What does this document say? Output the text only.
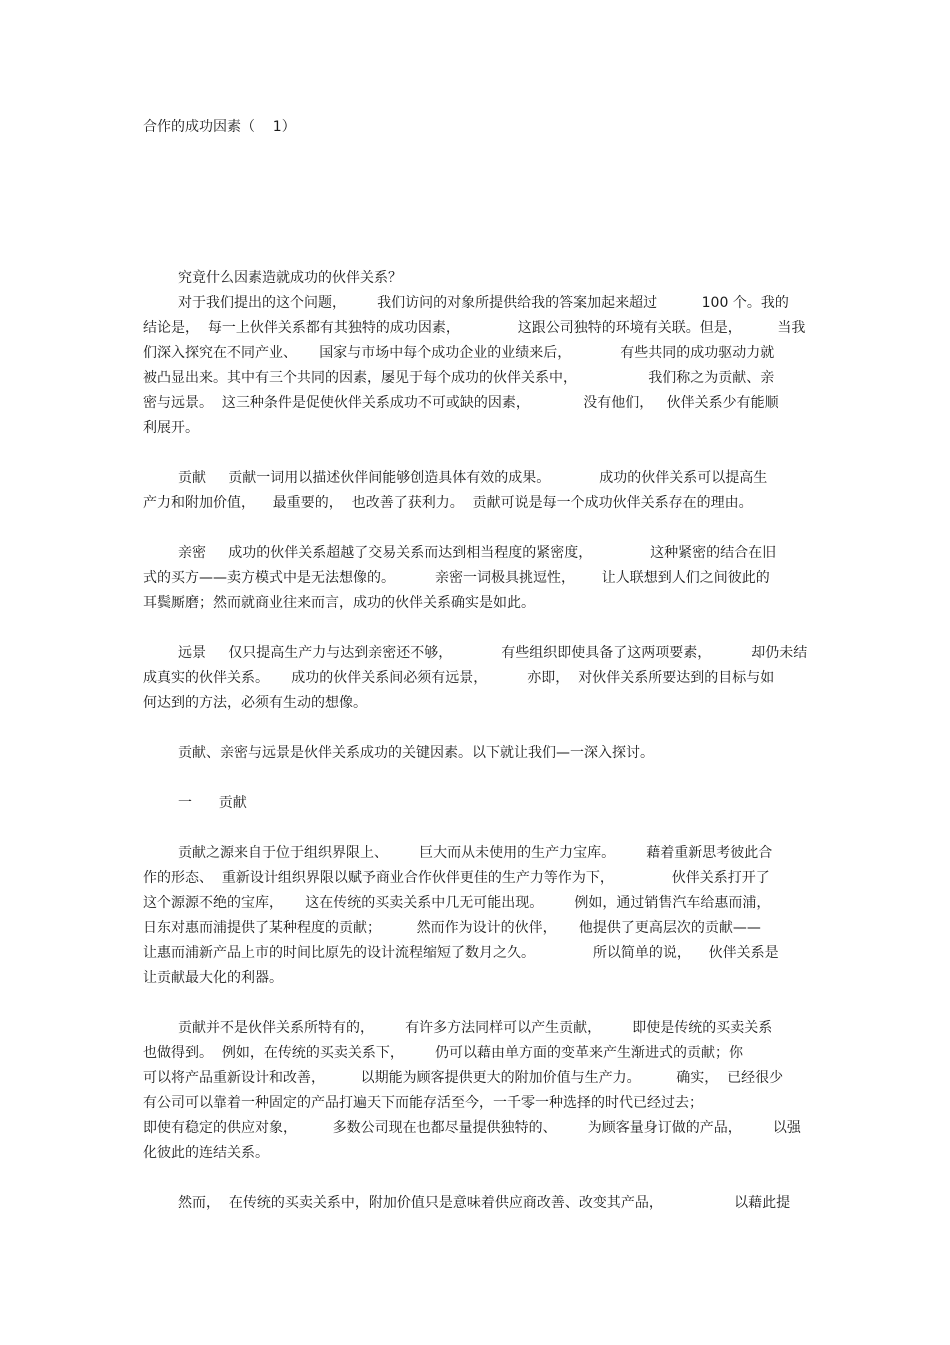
合作的成功因素（    1）
究竟什么因素造就成功的伙伴关系？
对于我们提出的这个问题，       我们访问的对象所提供给我的答案加起来超过          100 个。我的
结论是，  每一上伙伴关系都有其独特的成功因素，             这跟公司独特的环境有关联。但是，        当我
们深入探究在不同产业、     国家与市场中每个成功企业的业绩来后，           有些共同的成功驱动力就
被凸显出来。其中有三个共同的因素，屡见于每个成功的伙伴关系中，                我们称之为贡献、亲
密与远景。  这三种条件是促使伙伴关系成功不可或缺的因素，            没有他们，   伙伴关系少有能顺
利展开。
贡献     贡献一词用以描述伙伴间能够创造具体有效的成果。           成功的伙伴关系可以提高生
产力和附加价值，    最重要的，  也改善了获利力。  贡献可说是每一个成功伙伴关系存在的理由。
亲密     成功的伙伴关系超越了交易关系而达到相当程度的紧密度，             这种紧密的结合在旧
式的买方——卖方模式中是无法想像的。         亲密一词极具挑逗性，      让人联想到人们之间彼此的
耳鬓厮磨；然而就商业往来而言，成功的伙伴关系确实是如此。
远景     仅只提高生产力与达到亲密还不够，           有些组织即使具备了这两项要素，         却仍未结
成真实的伙伴关系。     成功的伙伴关系间必须有远景，         亦即，  对伙伴关系所要达到的目标与如
何达到的方法，必须有生动的想像。
贡献、亲密与远景是伙伴关系成功的关键因素。以下就让我们—一深入探讨。
一      贡献
贡献之源来自于位于组织界限上、       巨大而从未使用的生产力宝库。       藉着重新思考彼此合
作的形态、  重新设计组织界限以赋予商业合作伙伴更佳的生产力等作为下，             伙伴关系打开了
这个源源不绝的宝库，     这在传统的买卖关系中几无可能出现。       例如，通过销售汽车给惠而浦，
日东对惠而浦提供了某种程度的贡献；        然而作为设计的伙伴，     他提供了更高层次的贡献——
让惠而浦新产品上市的时间比原先的设计流程缩短了数月之久。             所以简单的说，    伙伴关系是
让贡献最大化的利器。
贡献并不是伙伴关系所特有的，       有许多方法同样可以产生贡献，       即使是传统的买卖关系
也做得到。  例如，在传统的买卖关系下，       仍可以藉由单方面的变革来产生渐进式的贡献；你
可以将产品重新设计和改善，        以期能为顾客提供更大的附加价值与生产力。        确实，  已经很少
有公司可以靠着一种固定的产品打遍天下而能存活至今，一千零一种选择的时代已经过去；
即使有稳定的供应对象，        多数公司现在也都尽量提供独特的、       为顾客量身订做的产品，       以强
化彼此的连结关系。
然而，  在传统的买卖关系中，附加价值只是意味着供应商改善、改变其产品，                以藉此提
